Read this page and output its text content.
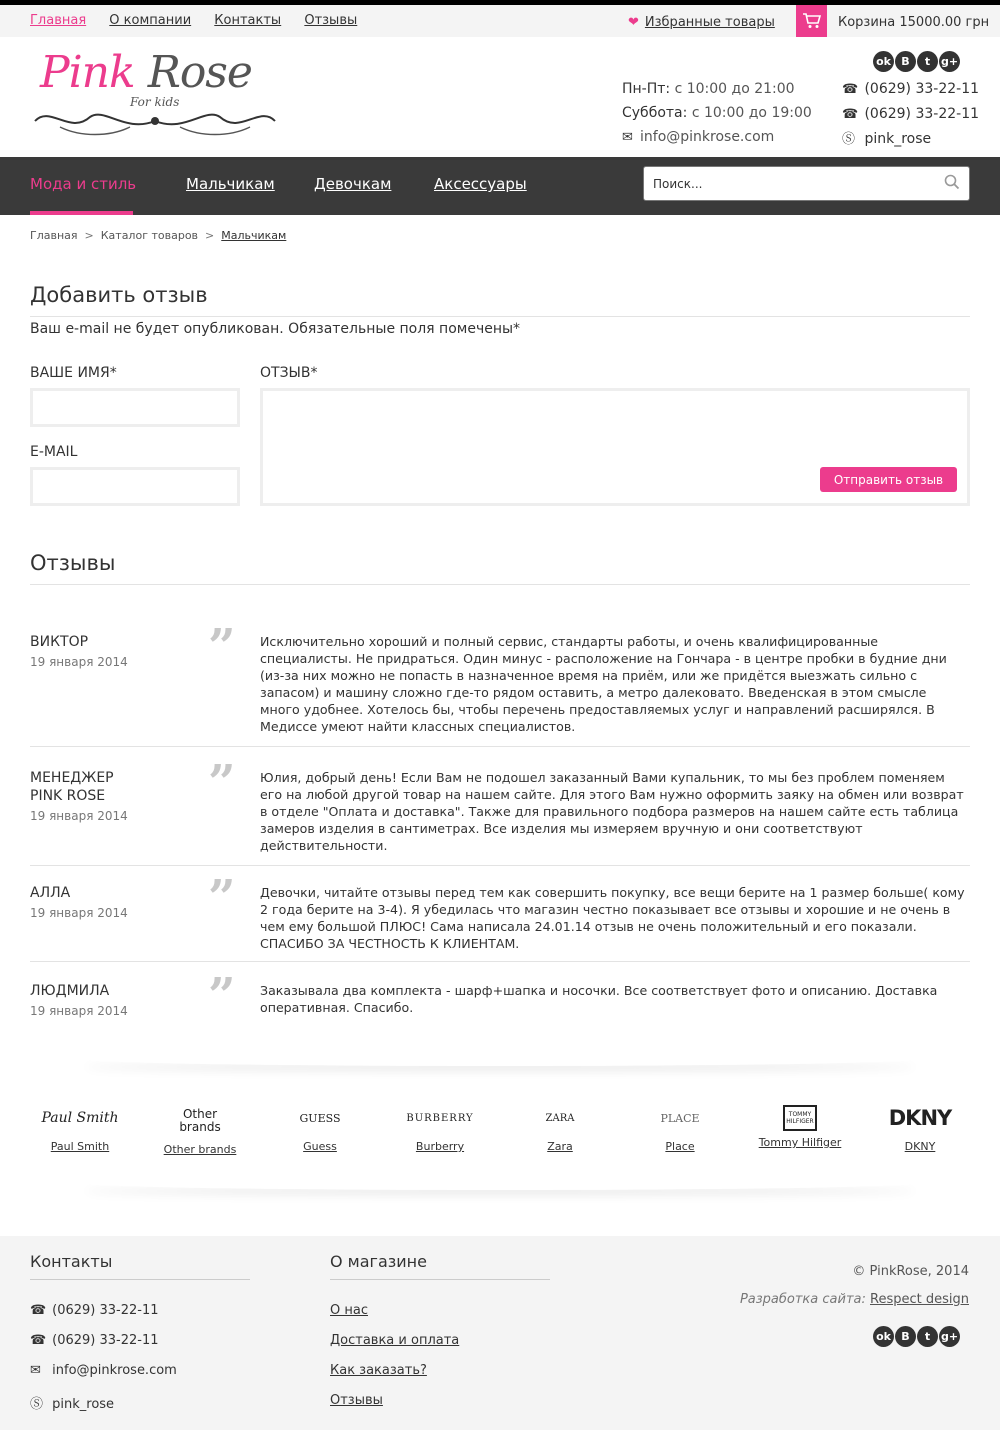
Главная О компании Контакты Отзывы	❤ Избранные товары	Корзина 15000.00 грн
Pink Rose
For kids
Пн-Пт: с 10:00 до 21:00
Суббота: с 10:00 до 19:00
✉ info@pinkrose.com
ok B t g+
☎ (0629) 33-22-11
☎ (0629) 33-22-11
Ⓢ pink_rose
Мода и стиль	Мальчикам	Девочкам	Аксессуары
Поиск...
Главная > Каталог товаров > Мальчикам
Добавить отзыв
Ваш e-mail не будет опубликован. Обязательные поля помечены*
ВАШЕ ИМЯ*
E-MAIL
ОТЗЫВ*
Отправить отзыв
Отзывы
ВИКТОР
19 января 2014 ” Исключительно хороший и полный сервис, стандарты работы, и очень квалифицированные специалисты. Не придраться. Один минус - расположение на Гончара - в центре пробки в будние дни (из-за них можно не попасть в назначенное время на приём, или же придётся выезжать сильно с запасом) и машину сложно где-то рядом оставить, а метро далековато. Введенская в этом смысле много удобнее. Хотелось бы, чтобы перечень предоставляемых услуг и направлений расширялся. В Медиссе умеют найти классных специалистов.
МЕНЕДЖЕР PINK ROSE
19 января 2014
” Юлия, добрый день! Если Вам не подошел заказанный Вами купальник, то мы без проблем поменяем его на любой другой товар на нашем сайте. Для этого Вам нужно оформить заяку на обмен или возврат в отделе "Оплата и доставка". Также для правильного подбора размеров на нашем сайте есть таблица замеров изделия в сантиметрах. Все изделия мы измеряем вручную и они соответствуют действительности.
АЛЛА
19 января 2014 ” Девочки, читайте отзывы перед тем как совершить покупку, все вещи берите на 1 размер больше( кому 2 года берите на 3-4). Я убедилась что магазин честно показывает все отзывы и хорошие и не очень в чем ему большой ПЛЮС! Сама написала 24.01.14 отзыв не очень положительный и его показали. СПАСИБО ЗА ЧЕСТНОСТЬ К КЛИЕНТАМ.
ЛЮДМИЛА
19 января 2014 ” Заказывала два комплекта - шарф+шапка и носочки. Все соответствует фото и описанию. Доставка оперативная. Спасибо.
Paul Smith
Paul Smith
Other brands
Other brands
GUESS
Guess
BURBERRY
Burberry
ZARA
Zara
PLACE
Place
TOMMY HILFIGER
Tommy Hilfiger
DKNY
DKNY
Контакты
☎ (0629) 33-22-11
☎ (0629) 33-22-11
✉ info@pinkrose.com
Ⓢ pink_rose
О магазине
О нас
Доставка и оплата
Как заказать?
Отзывы
© PinkRose, 2014
Разработка сайта: Respect design
ok B t g+
